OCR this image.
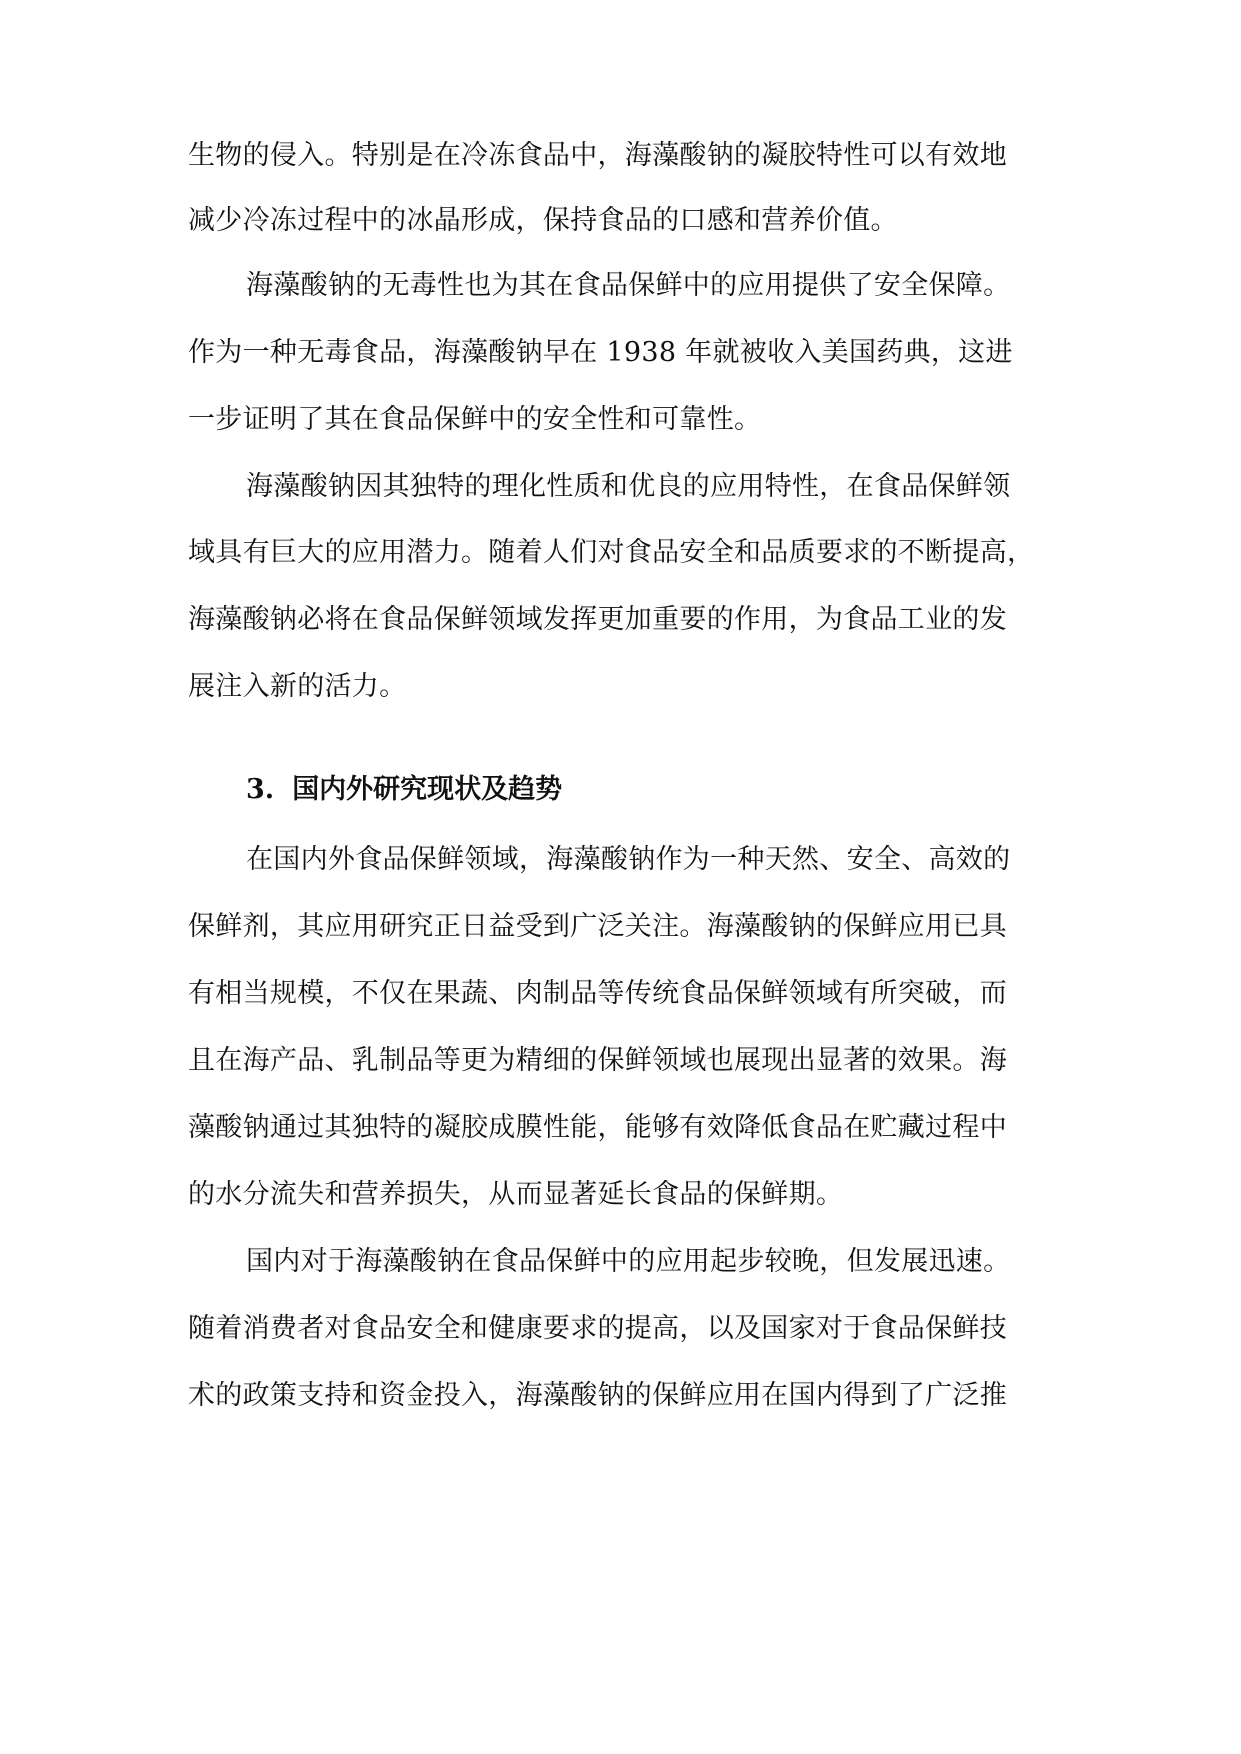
生物的侵入。特别是在冷冻食品中，海藻酸钠的凝胶特性可以有效地
减少冷冻过程中的冰晶形成，保持食品的口感和营养价值。
海藻酸钠的无毒性也为其在食品保鲜中的应用提供了安全保障。
作为一种无毒食品，海藻酸钠早在 1938 年就被收入美国药典，这进
一步证明了其在食品保鲜中的安全性和可靠性。
海藻酸钠因其独特的理化性质和优良的应用特性，在食品保鲜领
域具有巨大的应用潜力。随着人们对食品安全和品质要求的不断提高，
海藻酸钠必将在食品保鲜领域发挥更加重要的作用，为食品工业的发
展注入新的活力。
3. 国内外研究现状及趋势
在国内外食品保鲜领域，海藻酸钠作为一种天然、安全、高效的
保鲜剂，其应用研究正日益受到广泛关注。海藻酸钠的保鲜应用已具
有相当规模，不仅在果蔬、肉制品等传统食品保鲜领域有所突破，而
且在海产品、乳制品等更为精细的保鲜领域也展现出显著的效果。海
藻酸钠通过其独特的凝胶成膜性能，能够有效降低食品在贮藏过程中
的水分流失和营养损失，从而显著延长食品的保鲜期。
国内对于海藻酸钠在食品保鲜中的应用起步较晚，但发展迅速。
随着消费者对食品安全和健康要求的提高，以及国家对于食品保鲜技
术的政策支持和资金投入，海藻酸钠的保鲜应用在国内得到了广泛推
